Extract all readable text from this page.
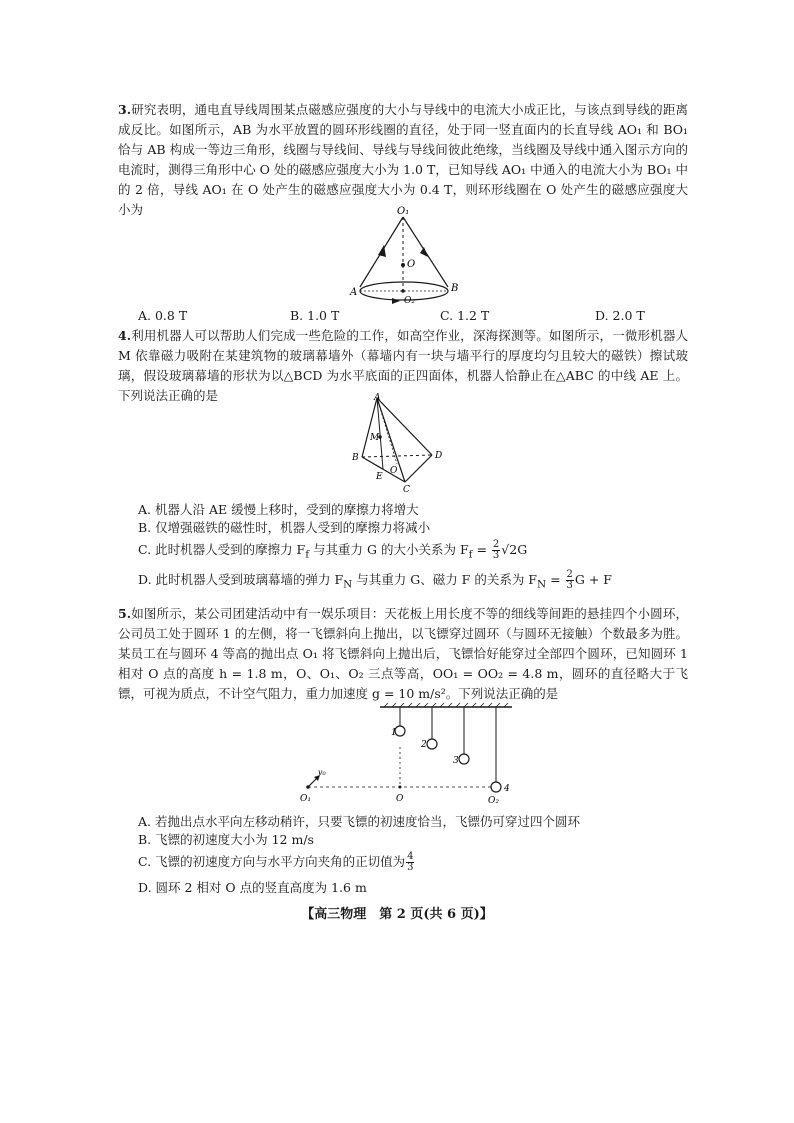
3.研究表明，通电直导线周围某点磁感应强度的大小与导线中的电流大小成正比，与该点到导线的距离成反比。如图所示，AB 为水平放置的圆环形线圈的直径，处于同一竖直面内的长直导线 AO₁ 和 BO₁ 恰与 AB 构成一等边三角形，线圈与导线间、导线与导线间彼此绝缘，当线圈及导线中通入图示方向的电流时，测得三角形中心 O 处的磁感应强度大小为 1.0 T，已知导线 AO₁ 中通入的电流大小为 BO₁ 中的 2 倍，导线 AO₁ 在 O 处产生的磁感应强度大小为 0.4 T，则环形线圈在 O 处产生的磁感应强度大小为	O₁
O
O₂
A	B
A. 0.8 T	B. 1.0 T	C. 1.2 T	D. 2.0 T

4.利用机器人可以帮助人们完成一些危险的工作，如高空作业，深海探测等。如图所示，一微形机器人 M 依靠磁力吸附在某建筑物的玻璃幕墙外（幕墙内有一块与墙平行的厚度均匀且较大的磁铁）擦试玻璃，假设玻璃幕墙的形状为以△BCD 为水平底面的正四面体，机器人恰静止在△ABC 的中线 AE 上。下列说法正确的是	A
M
B	D
E
O
C
A. 机器人沿 AE 缓慢上移时，受到的摩擦力将增大
B. 仅增强磁铁的磁性时，机器人受到的摩擦力将减小
C. 此时机器人受到的摩擦力 $F_f$ 与其重力 G 的大小关系为 $F_f = \frac{2}{3} √2G$
D. 此时机器人受到玻璃幕墙的弹力 $F_N$ 与其重力 G、磁力 F 的关系为 $F_N = \frac{2}{3}$ G + F

5.如图所示，某公司团建活动中有一娱乐项目：天花板上用长度不等的细线等间距的悬挂四个小圆环，公司员工处于圆环 1 的左侧，将一飞镖斜向上抛出，以飞镖穿过圆环（与圆环无接触）个数最多为胜。某员工在与圆环 4 等高的抛出点 O₁ 将飞镖斜向上抛出后，飞镖恰好能穿过全部四个圆环，已知圆环 1 相对 O 点的高度 h = 1.8 m，O、O₁、O₂ 三点等高，OO₁ = OO₂ = 4.8 m，圆环的直径略大于飞镖，可视为质点，不计空气阻力，重力加速度 g = 10 m/s²。下列说法正确的是

1
2
3
4
v₀
O₁	O	O₂
A. 若抛出点水平向左移动稍许，只要飞镖的初速度恰当，飞镖仍可穿过四个圆环
B. 飞镖的初速度大小为 12 m/s
C. 飞镖的初速度方向与水平方向夹角的正切值为 $\frac{4}{3}$
D. 圆环 2 相对 O 点的竖直高度为 1.6 m
【高三物理　第 2 页(共 6 页)】
